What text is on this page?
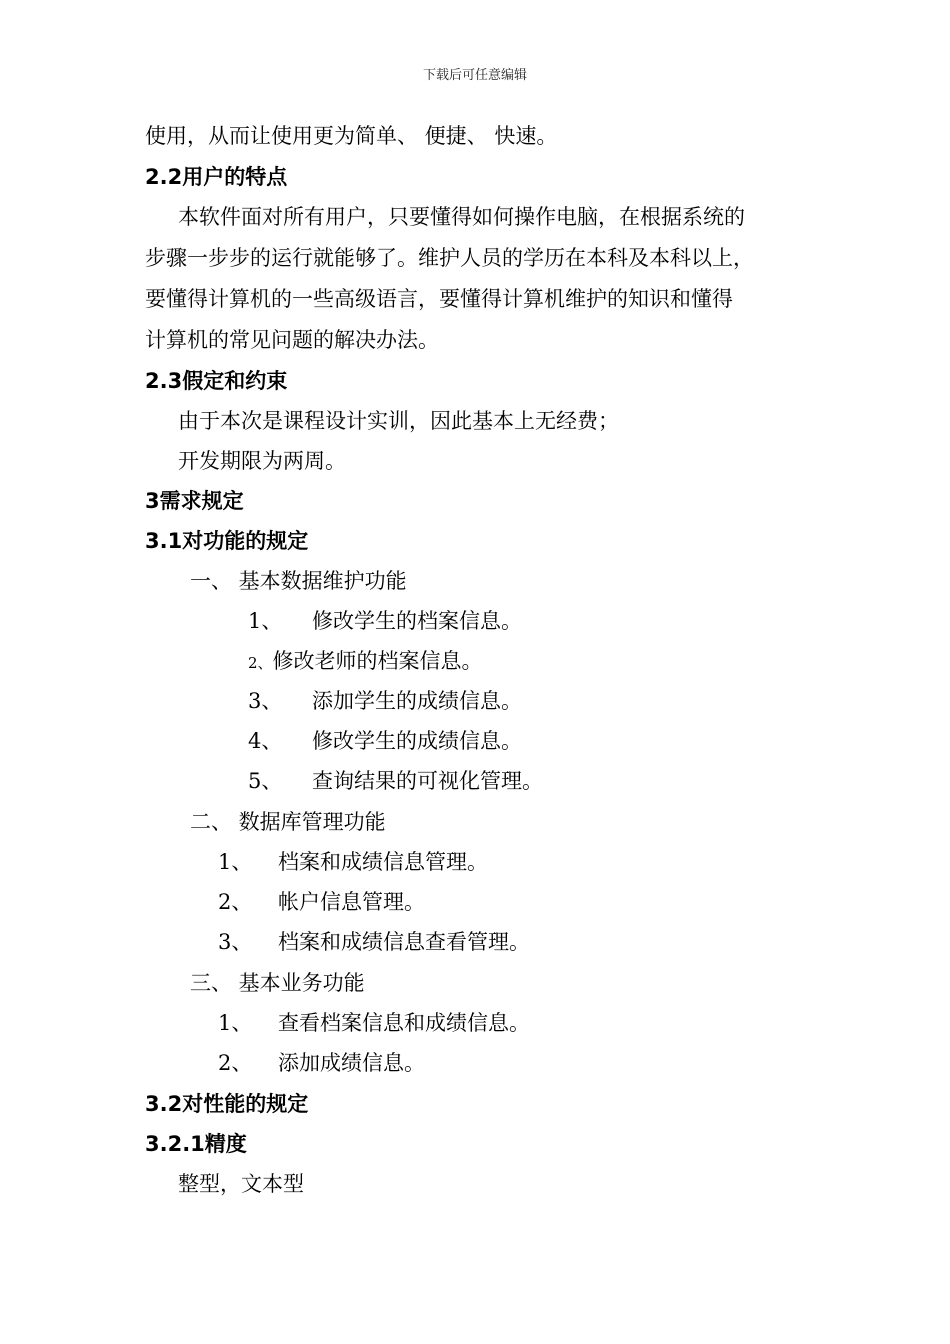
下载后可任意编辑
使用，从而让使用更为简单、 便捷、 快速。
2.2用户的特点
本软件面对所有用户，只要懂得如何操作电脑，在根据系统的
步骤一步步的运行就能够了。维护人员的学历在本科及本科以上，
要懂得计算机的一些高级语言，要懂得计算机维护的知识和懂得
计算机的常见问题的解决办法。
2.3假定和约束
由于本次是课程设计实训，因此基本上无经费；
开发期限为两周。
3需求规定
3.1对功能的规定
一、 基本数据维护功能
1、 修改学生的档案信息。
2、修改老师的档案信息。
3、 添加学生的成绩信息。
4、 修改学生的成绩信息。
5、 查询结果的可视化管理。
二、 数据库管理功能
1、 档案和成绩信息管理。
2、 帐户信息管理。
3、 档案和成绩信息查看管理。
三、 基本业务功能
1、 查看档案信息和成绩信息。
2、 添加成绩信息。
3.2对性能的规定
3.2.1精度
整型，文本型
